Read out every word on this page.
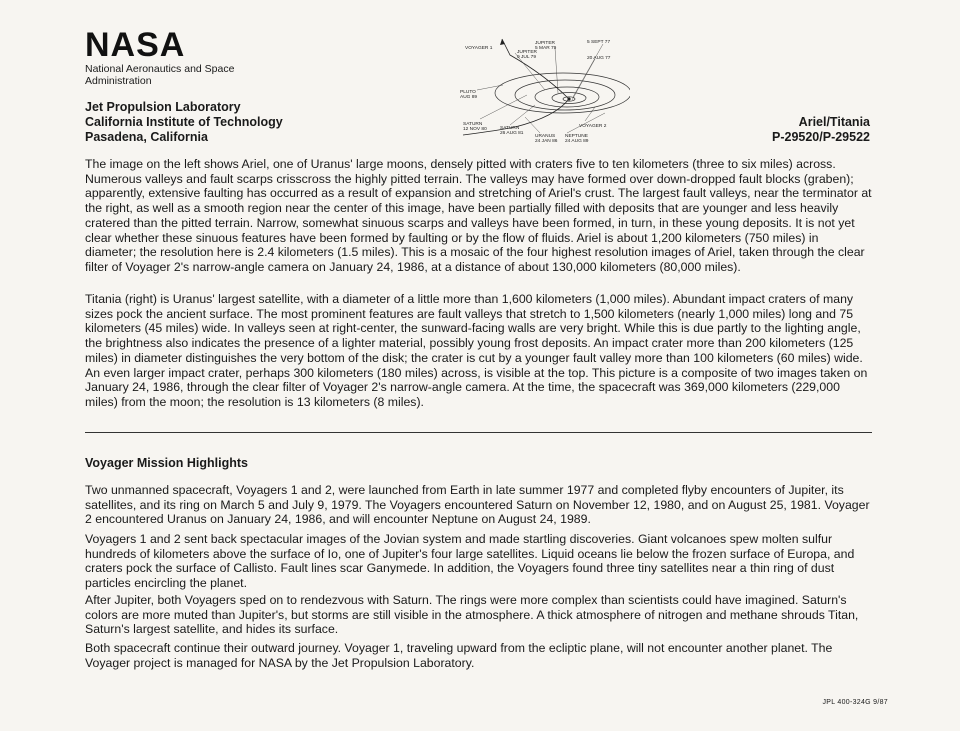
NASA
National Aeronautics and Space Administration
Jet Propulsion Laboratory
California Institute of Technology
Pasadena, California
VOYAGER 1
JUPITER
9 JUL 79
JUPITER
5 MAR 79
5 SEPT 77
20 AUG 77
PLUTO
AUG 89
SATURN
12 NOV 80	SATURN
26 AUG 81
VOYAGER 2
URANUS
24 JAN 86
NEPTUNE
24 AUG 89
Ariel/Titania
P-29520/P-29522

The image on the left shows Ariel, one of Uranus' large moons, densely pitted with craters five to ten kilometers (three to six miles) across. Numerous valleys and fault scarps crisscross the highly pitted terrain. The valleys may have formed over down-dropped fault blocks (graben); apparently, extensive faulting has occurred as a result of expansion and stretching of Ariel's crust. The largest fault valleys, near the terminator at the right, as well as a smooth region near the center of this image, have been partially filled with deposits that are younger and less heavily cratered than the pitted terrain. Narrow, somewhat sinuous scarps and valleys have been formed, in turn, in these young deposits. It is not yet clear whether these sinuous features have been formed by faulting or by the flow of fluids. Ariel is about 1,200 kilometers (750 miles) in diameter; the resolution here is 2.4 kilometers (1.5 miles). This is a mosaic of the four highest resolution images of Ariel, taken through the clear filter of Voyager 2's narrow-angle camera on January 24, 1986, at a distance of about 130,000 kilometers (80,000 miles).

Titania (right) is Uranus' largest satellite, with a diameter of a little more than 1,600 kilometers (1,000 miles). Abundant impact craters of many sizes pock the ancient surface. The most prominent features are fault valleys that stretch to 1,500 kilometers (nearly 1,000 miles) long and 75 kilometers (45 miles) wide. In valleys seen at right-center, the sunward-facing walls are very bright. While this is due partly to the lighting angle, the brightness also indicates the presence of a lighter material, possibly young frost deposits. An impact crater more than 200 kilometers (125 miles) in diameter distinguishes the very bottom of the disk; the crater is cut by a younger fault valley more than 100 kilometers (60 miles) wide. An even larger impact crater, perhaps 300 kilometers (180 miles) across, is visible at the top. This picture is a composite of two images taken on January 24, 1986, through the clear filter of Voyager 2's narrow-angle camera. At the time, the spacecraft was 369,000 kilometers (229,000 miles) from the moon; the resolution is 13 kilometers (8 miles).

Voyager Mission Highlights

Two unmanned spacecraft, Voyagers 1 and 2, were launched from Earth in late summer 1977 and completed flyby encounters of Jupiter, its satellites, and its ring on March 5 and July 9, 1979. The Voyagers encountered Saturn on November 12, 1980, and on August 25, 1981. Voyager 2 encountered Uranus on January 24, 1986, and will encounter Neptune on August 24, 1989.

Voyagers 1 and 2 sent back spectacular images of the Jovian system and made startling discoveries. Giant volcanoes spew molten sulfur hundreds of kilometers above the surface of Io, one of Jupiter's four large satellites. Liquid oceans lie below the frozen surface of Europa, and craters pock the surface of Callisto. Fault lines scar Ganymede. In addition, the Voyagers found three tiny satellites near a thin ring of dust particles encircling the planet.

After Jupiter, both Voyagers sped on to rendezvous with Saturn. The rings were more complex than scientists could have imagined. Saturn's colors are more muted than Jupiter's, but storms are still visible in the atmosphere. A thick atmosphere of nitrogen and methane shrouds Titan, Saturn's largest satellite, and hides its surface.

Both spacecraft continue their outward journey. Voyager 1, traveling upward from the ecliptic plane, will not encounter another planet. The Voyager project is managed for NASA by the Jet Propulsion Laboratory.

JPL 400-324G 9/87
